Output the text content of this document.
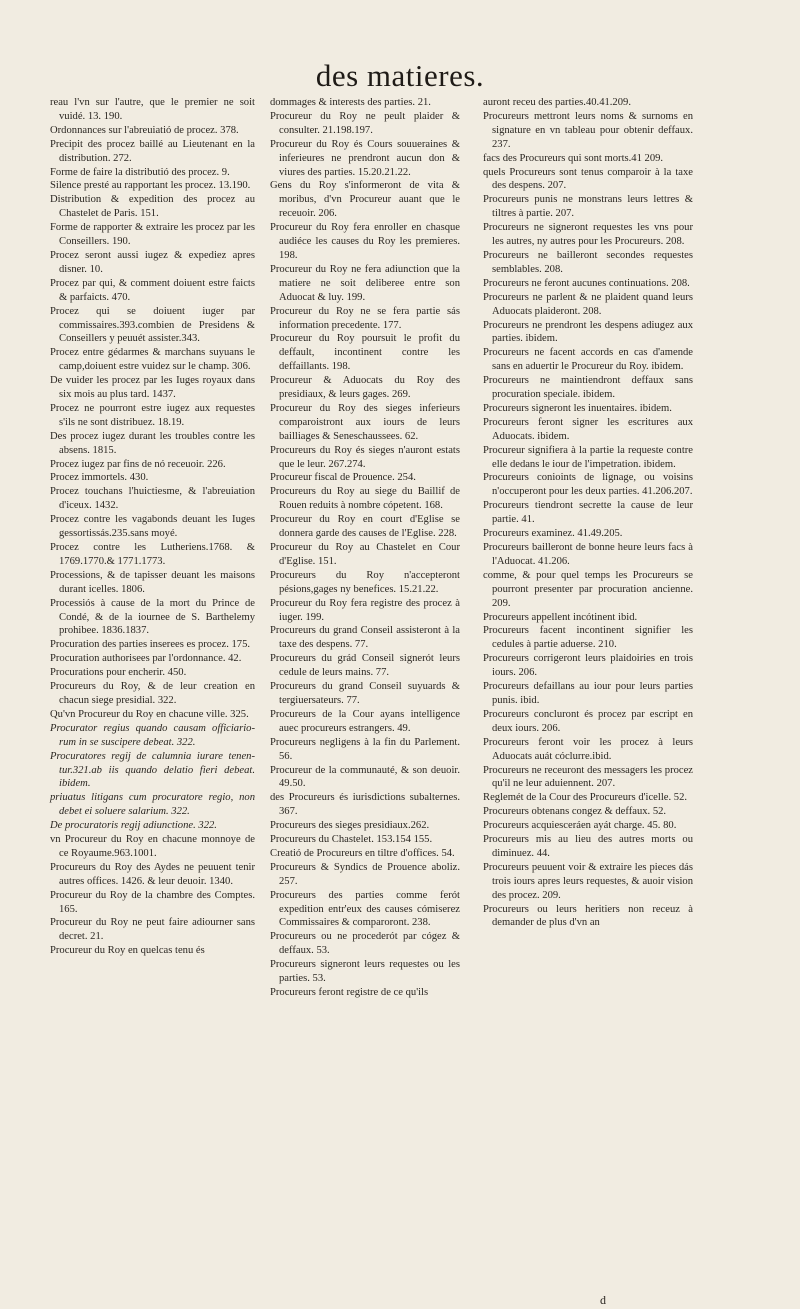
des matieres.

reau l'vn sur l'autre, que le premier ne soit vuidé. 13. 190.

Ordonnances sur l'abreuiatió de procez. 378.

Precipit des procez baillé au Lieutenant en la distribution. 272.

Forme de faire la distributió des procez. 9.

Silence presté au rapportant les procez. 13.190.

Distribution & expedition des procez au Chastelet de Paris. 151.

Forme de rapporter & extraire les procez par les Conseillers. 190.

Procez seront aussi iugez & expediez apres disner. 10.

Procez par qui, & comment doiuent estre faicts & parfaicts. 470.

Procez qui se doiuent iuger par commissaires.393.combien de Presidens & Conseillers y peuuét assister.343.

Procez entre gédarmes & marchans suyuans le camp,doiuent estre vuidez sur le champ. 306.

De vuider les procez par les Iuges royaux dans six mois au plus tard. 1437.

Procez ne pourront estre iugez aux requestes s'ils ne sont distribuez. 18.19.

Des procez iugez durant les troubles contre les absens. 1815.

Procez iugez par fins de nó receuoir. 226.

Procez immortels. 430.

Procez touchans l'huictiesme, & l'abreuiation d'iceux. 1432.

Procez contre les vagabonds deuant les Iuges gessortissás.235.sans moyé.

Procez contre les Lutheriens.1768. & 1769.1770.& 1771.1773.

Processions, & de tapisser deuant les maisons durant icelles. 1806.

Processiós à cause de la mort du Prince de Condé, & de la iournee de S. Barthelemy prohibee. 1836.1837.

Procuration des parties inserees es procez. 175.

Procuration authorisees par l'ordonnance. 42.

Procurations pour encherir. 450.

Procureurs du Roy, & de leur creation en chacun siege presidial. 322.

Qu'vn Procureur du Roy en chacune ville. 325.

Procurator regius quando causam officiario-rum in se suscipere debeat. 322.

Procuratores regij de calumnia iurare tenen-tur.321.ab iis quando delatio fieri debeat. ibidem.

priuatus litigans cum procuratore regio, non debet ei soluere salarium. 322.

De procuratoris regij adiunctione. 322.

vn Procureur du Roy en chacune monnoye de ce Royaume.963.1001.

Procureurs du Roy des Aydes ne peuuent tenir autres offices. 1426. & leur deuoir. 1340.

Procureur du Roy de la chambre des Comptes. 165.

Procureur du Roy ne peut faire adiourner sans decret. 21.

Procureur du Roy en quelcas tenu és

dommages & interests des parties. 21.

Procureur du Roy ne peult plaider & consulter. 21.198.197.

Procureur du Roy és Cours souueraines & inferieures ne prendront aucun don & viures des parties. 15.20.21.22.

Gens du Roy s'informeront de vita & moribus, d'vn Procureur auant que le receuoir. 206.

Procureur du Roy fera enroller en chasque audiéce les causes du Roy les premieres. 198.

Procureur du Roy ne fera adiunction que la matiere ne soit deliberee entre son Aduocat & luy. 199.

Procureur du Roy ne se fera partie sás information precedente. 177.

Procureur du Roy poursuit le profit du deffault, incontinent contre les deffaillants. 198.

Procureur & Aduocats du Roy des presidiaux, & leurs gages. 269.

Procureur du Roy des sieges inferieurs comparoistront aux iours de leurs bailliages & Seneschaussees. 62.

Procureurs du Roy és sieges n'auront estats que le leur. 267.274.

Procureur fiscal de Prouence. 254.

Procureurs du Roy au siege du Baillif de Rouen reduits à nombre cópetent. 168.

Procureur du Roy en court d'Eglise se donnera garde des causes de l'Eglise. 228.

Procureur du Roy au Chastelet en Cour d'Eglise. 151.

Procureurs du Roy n'accepteront pésions,gages ny benefices. 15.21.22.

Procureur du Roy fera registre des procez à iuger. 199.

Procureurs du grand Conseil assisteront à la taxe des despens. 77.

Procureurs du grád Conseil signerót leurs cedule de leurs mains. 77.

Procureurs du grand Conseil suyuards & tergiuersateurs. 77.

Procureurs de la Cour ayans intelligence auec procureurs estrangers. 49.

Procureurs negligens à la fin du Parlement. 56.

Procureur de la communauté, & son deuoir. 49.50.

des Procureurs és iurisdictions subalternes. 367.

Procureurs des sieges presidiaux.262.

Procureurs du Chastelet. 153.154 155.

Creatió de Procureurs en tiltre d'offices. 54.

Procureurs & Syndics de Prouence aboliz. 257.

Procureurs des parties comme ferót expedition entr'eux des causes cómiserez Commissaires & comparoront. 238.

Procureurs ou ne procederót par cógez & deffaux. 53.

Procureurs signeront leurs requestes ou les parties. 53.

Procureurs feront registre de ce qu'ils

auront receu des parties.40.41.209.

Procureurs mettront leurs noms & surnoms en signature en vn tableau pour obtenir deffaux. 237.

facs des Procureurs qui sont morts.41 209.

quels Procureurs sont tenus comparoir à la taxe des despens. 207.

Procureurs punis ne monstrans leurs lettres & tiltres à partie. 207.

Procureurs ne signeront requestes les vns pour les autres, ny autres pour les Procureurs. 208.

Procureurs ne bailleront secondes requestes semblables. 208.

Procureurs ne feront aucunes continuations. 208.

Procureurs ne parlent & ne plaident quand leurs Aduocats plaideront. 208.

Procureurs ne prendront les despens adiugez aux parties. ibidem.

Procureurs ne facent accords en cas d'amende sans en aduertir le Procureur du Roy. ibidem.

Procureurs ne maintiendront deffaux sans procuration speciale. ibidem.

Procureurs signeront les inuentaires. ibidem.

Procureurs feront signer les escritures aux Aduocats. ibidem.

Procureur signifiera à la partie la requeste contre elle dedans le iour de l'impetration. ibidem.

Procureurs conioints de lignage, ou voisins n'occuperont pour les deux parties. 41.206.207.

Procureurs tiendront secrette la cause de leur partie. 41.

Procureurs examinez. 41.49.205.

Procureurs bailleront de bonne heure leurs facs à l'Aduocat. 41.206.

comme, & pour quel temps les Procureurs se pourront presenter par procuration ancienne. 209.

Procureurs appellent incótinent ibid.

Procureurs facent incontinent signifier les cedules à partie aduerse. 210.

Procureurs corrigeront leurs plaidoiries en trois iours. 206.

Procureurs defaillans au iour pour leurs parties punis. ibid.

Procureurs concluront és procez par escript en deux iours. 206.

Procureurs feront voir les procez à leurs Aduocats auát cóclurre.ibid.

Procureurs ne receuront des messagers les procez qu'il ne leur aduiennent. 207.

Reglemét de la Cour des Procureurs d'icelle. 52.

Procureurs obtenans congez & deffaux. 52.

Procureurs acquiesceráen ayát charge. 45. 80.

Procureurs mis au lieu des autres morts ou diminuez. 44.

Procureurs peuuent voir & extraire les pieces dás trois iours apres leurs requestes, & auoir vision des procez. 209.

Procureurs ou leurs heritiers non receuz à demander de plus d'vn an

d
